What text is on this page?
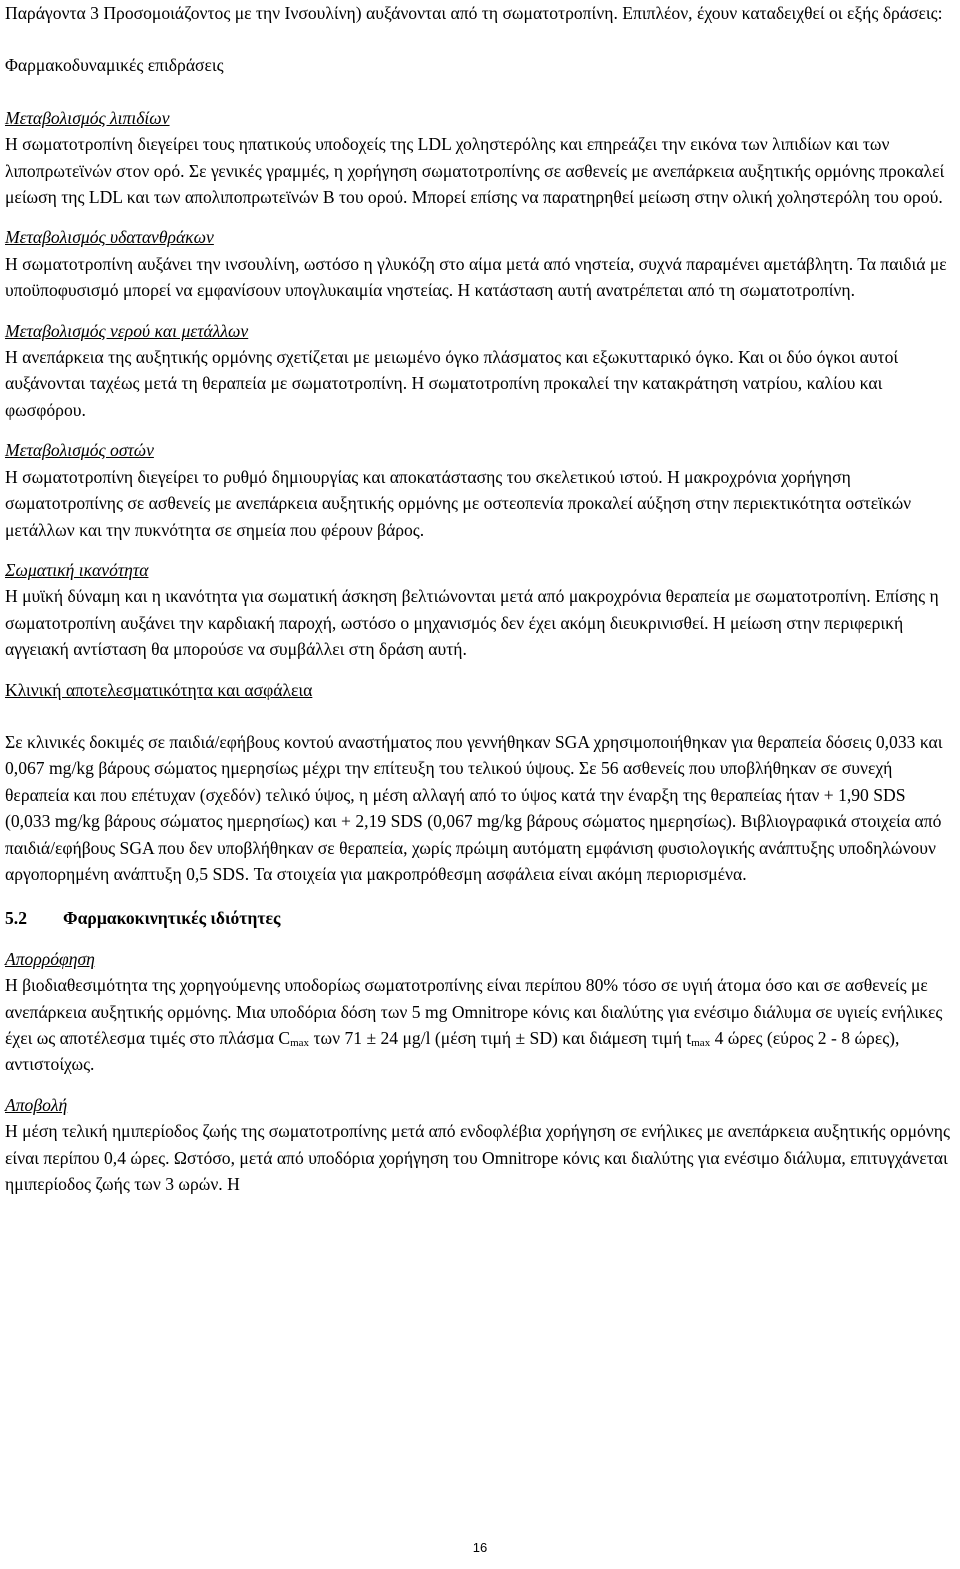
Παράγοντα 3 Προσομοιάζοντος με την Ινσουλίνη) αυξάνονται από τη σωματοτροπίνη. Επιπλέον, έχουν καταδειχθεί οι εξής δράσεις:

Φαρμακοδυναμικές επιδράσεις

Μεταβολισμός λιπιδίων

Η σωματοτροπίνη διεγείρει τους ηπατικούς υποδοχείς της LDL χοληστερόλης και επηρεάζει την εικόνα των λιπιδίων και των λιποπρωτεϊνών στον ορό. Σε γενικές γραμμές, η χορήγηση σωματοτροπίνης σε ασθενείς με ανεπάρκεια αυξητικής ορμόνης προκαλεί μείωση της LDL και των απολιποπρωτεϊνών Β του ορού. Μπορεί επίσης να παρατηρηθεί μείωση στην ολική χοληστερόλη του ορού.

Μεταβολισμός υδατανθράκων

Η σωματοτροπίνη αυξάνει την ινσουλίνη, ωστόσο η γλυκόζη στο αίμα μετά από νηστεία, συχνά παραμένει αμετάβλητη. Τα παιδιά με υποϋποφυσισμό μπορεί να εμφανίσουν υπογλυκαιμία νηστείας. Η κατάσταση αυτή ανατρέπεται από τη σωματοτροπίνη.

Μεταβολισμός νερού και μετάλλων

Η ανεπάρκεια της αυξητικής ορμόνης σχετίζεται με μειωμένο όγκο πλάσματος και εξωκυτταρικό όγκο. Και οι δύο όγκοι αυτοί αυξάνονται ταχέως μετά τη θεραπεία με σωματοτροπίνη. Η σωματοτροπίνη προκαλεί την κατακράτηση νατρίου, καλίου και φωσφόρου.

Μεταβολισμός οστών

Η σωματοτροπίνη διεγείρει το ρυθμό δημιουργίας και αποκατάστασης του σκελετικού ιστού. Η μακροχρόνια χορήγηση σωματοτροπίνης σε ασθενείς με ανεπάρκεια αυξητικής ορμόνης με οστεοπενία προκαλεί αύξηση στην περιεκτικότητα οστεϊκών μετάλλων και την πυκνότητα σε σημεία που φέρουν βάρος.

Σωματική ικανότητα

Η μυϊκή δύναμη και η ικανότητα για σωματική άσκηση βελτιώνονται μετά από μακροχρόνια θεραπεία με σωματοτροπίνη. Επίσης η σωματοτροπίνη αυξάνει την καρδιακή παροχή, ωστόσο ο μηχανισμός δεν έχει ακόμη διευκρινισθεί. Η μείωση στην περιφερική αγγειακή αντίσταση θα μπορούσε να συμβάλλει στη δράση αυτή.

Κλινική αποτελεσματικότητα και ασφάλεια

Σε κλινικές δοκιμές σε παιδιά/εφήβους κοντού αναστήματος που γεννήθηκαν SGA χρησιμοποιήθηκαν για θεραπεία δόσεις 0,033 και 0,067 mg/kg βάρους σώματος ημερησίως μέχρι την επίτευξη του τελικού ύψους. Σε 56 ασθενείς που υποβλήθηκαν σε συνεχή θεραπεία και που επέτυχαν (σχεδόν) τελικό ύψος, η μέση αλλαγή από το ύψος κατά την έναρξη της θεραπείας ήταν + 1,90 SDS (0,033 mg/kg βάρους σώματος ημερησίως) και + 2,19 SDS (0,067 mg/kg βάρους σώματος ημερησίως). Βιβλιογραφικά στοιχεία από παιδιά/εφήβους SGA που δεν υποβλήθηκαν σε θεραπεία, χωρίς πρώιμη αυτόματη εμφάνιση φυσιολογικής ανάπτυξης υποδηλώνουν αργοπορημένη ανάπτυξη 0,5 SDS. Τα στοιχεία για μακροπρόθεσμη ασφάλεια είναι ακόμη περιορισμένα.

5.2 Φαρμακοκινητικές ιδιότητες

Απορρόφηση

Η βιοδιαθεσιμότητα της χορηγούμενης υποδορίως σωματοτροπίνης είναι περίπου 80% τόσο σε υγιή άτομα όσο και σε ασθενείς με ανεπάρκεια αυξητικής ορμόνης. Μια υποδόρια δόση των 5 mg Omnitrope κόνις και διαλύτης για ενέσιμο διάλυμα σε υγιείς ενήλικες έχει ως αποτέλεσμα τιμές στο πλάσμα $C_{max}$ των 71 ± 24 μg/l (μέση τιμή ± SD) και διάμεση τιμή $t_{max}$ 4 ώρες (εύρος 2 - 8 ώρες), αντιστοίχως.

Αποβολή

Η μέση τελική ημιπερίοδος ζωής της σωματοτροπίνης μετά από ενδοφλέβια χορήγηση σε ενήλικες με ανεπάρκεια αυξητικής ορμόνης είναι περίπου 0,4 ώρες. Ωστόσο, μετά από υποδόρια χορήγηση του Omnitrope κόνις και διαλύτης για ενέσιμο διάλυμα, επιτυγχάνεται ημιπερίοδος ζωής των 3 ωρών. Η

16
